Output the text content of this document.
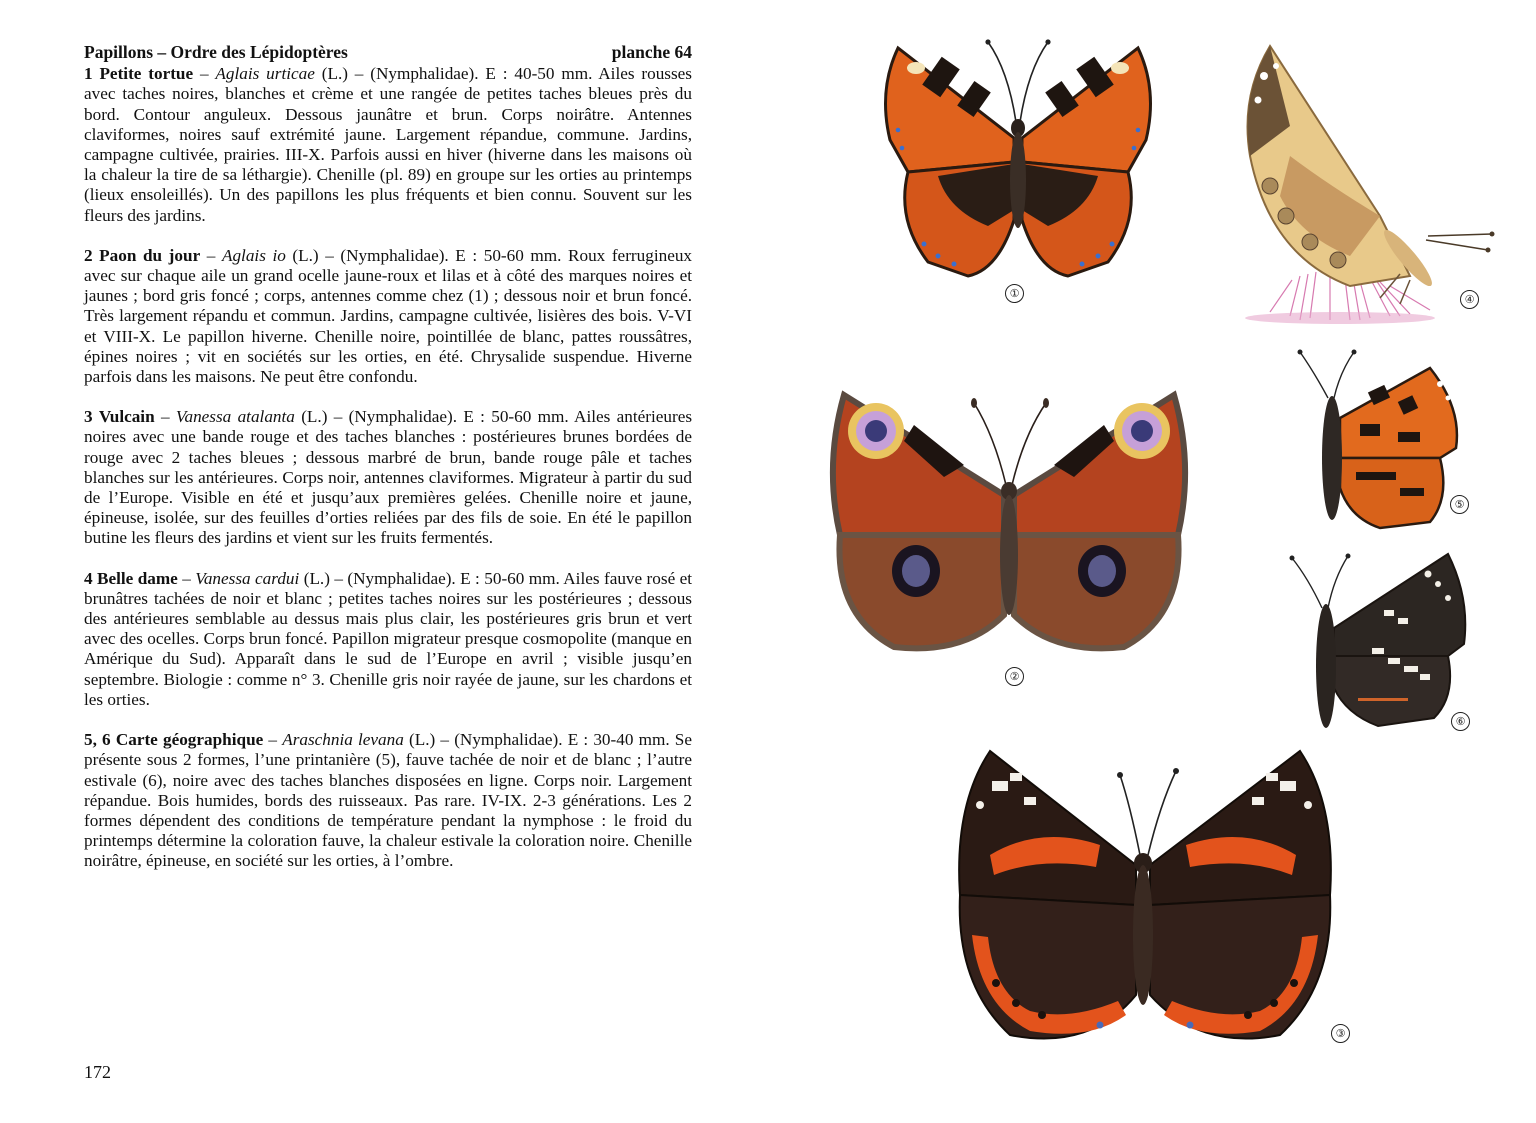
Papillons – Ordre des Lépidoptères	planche 64

1 Petite tortue – Aglais urticae (L.) – (Nymphalidae). E : 40-50 mm. Ailes rousses avec taches noires, blanches et crème et une rangée de petites taches bleues près du bord. Contour anguleux. Dessous jaunâtre et brun. Corps noirâtre. Antennes claviformes, noires sauf extrémité jaune. Largement répandue, commune. Jardins, campagne cultivée, prairies. III-X. Parfois aussi en hiver (hiverne dans les maisons où la chaleur la tire de sa léthargie). Chenille (pl. 89) en groupe sur les orties au printemps (lieux ensoleillés). Un des papillons les plus fréquents et bien connu. Souvent sur les fleurs des jardins.

2 Paon du jour – Aglais io (L.) – (Nymphalidae). E : 50-60 mm. Roux ferrugineux avec sur chaque aile un grand ocelle jaune-roux et lilas et à côté des marques noires et jaunes ; bord gris foncé ; corps, antennes comme chez (1) ; dessous noir et brun foncé. Très largement répandu et commun. Jardins, campagne cultivée, lisières des bois. V-VI et VIII-X. Le papillon hiverne. Chenille noire, pointillée de blanc, pattes roussâtres, épines noires ; vit en sociétés sur les orties, en été. Chrysalide suspendue. Hiverne parfois dans les maisons. Ne peut être confondu.

3 Vulcain – Vanessa atalanta (L.) – (Nymphalidae). E : 50-60 mm. Ailes antérieures noires avec une bande rouge et des taches blanches : postérieures brunes bordées de rouge avec 2 taches bleues ; dessous marbré de brun, bande rouge pâle et taches blanches sur les antérieures. Corps noir, antennes claviformes. Migrateur à partir du sud de l’Europe. Visible en été et jusqu’aux premières gelées. Chenille noire et jaune, épineuse, isolée, sur des feuilles d’orties reliées par des fils de soie. En été le papillon butine les fleurs des jardins et vient sur les fruits fermentés.

4 Belle dame – Vanessa cardui (L.) – (Nymphalidae). E : 50-60 mm. Ailes fauve rosé et brunâtres tachées de noir et blanc ; petites taches noires sur les postérieures ; dessous des antérieures semblable au dessus mais plus clair, les postérieures gris brun et vert avec des ocelles. Corps brun foncé. Papillon migrateur presque cosmopolite (manque en Amérique du Sud). Apparaît dans le sud de l’Europe en avril ; visible jusqu’en septembre. Biologie : comme n° 3. Chenille gris noir rayée de jaune, sur les chardons et les orties.

5, 6 Carte géographique – Araschnia levana (L.) – (Nymphalidae). E : 30-40 mm. Se présente sous 2 formes, l’une printanière (5), fauve tachée de noir et de blanc ; l’autre estivale (6), noire avec des taches blanches disposées en ligne. Corps noir. Largement répandue. Bois humides, bords des ruisseaux. Pas rare. IV-IX. 2-3 générations. Les 2 formes dépendent des conditions de température pendant la nymphose : le froid du printemps détermine la coloration fauve, la chaleur estivale la coloration noire. Chenille noirâtre, épineuse, en société sur les orties, à l’ombre.

172
①	④
②
⑤
⑥
③
